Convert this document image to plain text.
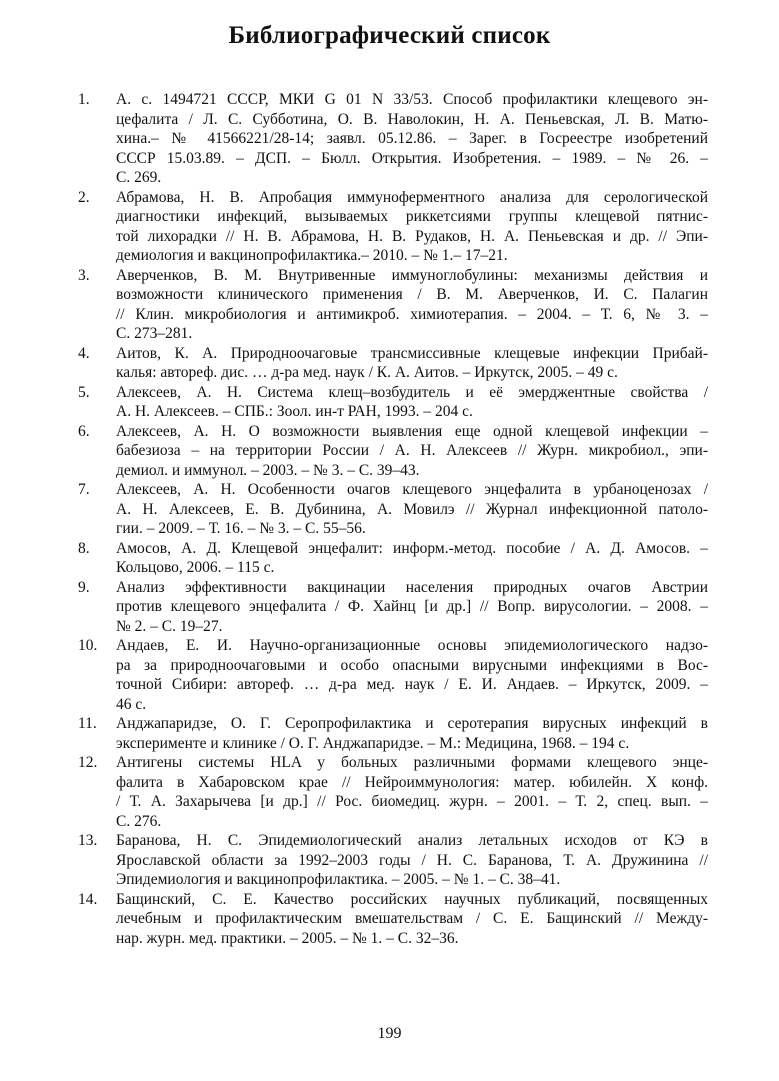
Библиографический список
1.	А. с. 1494721 СССР, МКИ G 01 N 33/53. Способ профилактики клещевого эн-
цефалита / Л. С. Субботина, О. В. Наволокин, Н. А. Пеньевская, Л. В. Матю-
хина.– № 41566221/28-14; заявл. 05.12.86. – Зарег. в Госреестре изобретений
СССР 15.03.89. – ДСП. – Бюлл. Открытия. Изобретения. – 1989. – № 26. –
С. 269.
2.	Абрамова, Н. В. Апробация иммуноферментного анализа для серологической
диагностики инфекций, вызываемых риккетсиями группы клещевой пятнис-
той лихорадки // Н. В. Абрамова, Н. В. Рудаков, Н. А. Пеньевская и др. // Эпи-
демиология и вакцинопрофилактика.– 2010. – № 1.– 17–21.
3.	Аверченков, В. М. Внутривенные иммуноглобулины: механизмы действия и
возможности клинического применения / В. М. Аверченков, И. С. Палагин
// Клин. микробиология и антимикроб. химиотерапия. – 2004. – Т. 6, № 3. –
С. 273–281.
4.	Аитов, К. А. Природноочаговые трансмиссивные клещевые инфекции Прибай-
калья: автореф. дис. … д-ра мед. наук / К. А. Аитов. – Иркутск, 2005. – 49 с.
5.	Алексеев, А. Н. Система клещ–возбудитель и её эмерджентные свойства /
А. Н. Алексеев. – СПБ.: Зоол. ин-т РАН, 1993. – 204 с.
6.	Алексеев, А. Н. О возможности выявления еще одной клещевой инфекции –
бабезиоза – на территории России / А. Н. Алексеев // Журн. микробиол., эпи-
демиол. и иммунол. – 2003. – № 3. – С. 39–43.
7.	Алексеев, А. Н. Особенности очагов клещевого энцефалита в урбаноценозах /
А. Н. Алексеев, Е. В. Дубинина, А. Мовилэ // Журнал инфекционной патоло-
гии. – 2009. – Т. 16. – № 3. – С. 55–56.
8.	Амосов, А. Д. Клещевой энцефалит: информ.-метод. пособие / А. Д. Амосов. –
Кольцово, 2006. – 115 с.
9.	Анализ эффективности вакцинации населения природных очагов Австрии
против клещевого энцефалита / Ф. Хайнц [и др.] // Вопр. вирусологии. – 2008. –
№ 2. – С. 19–27.
10.	Андаев, Е. И. Научно-организационные основы эпидемиологического надзо-
ра за природноочаговыми и особо опасными вирусными инфекциями в Вос-
точной Сибири: автореф. … д-ра мед. наук / Е. И. Андаев. – Иркутск, 2009. –
46 с.
11.	Анджапаридзе, О. Г. Серопрофилактика и серотерапия вирусных инфекций в
эксперименте и клинике / О. Г. Анджапаридзе. – М.: Медицина, 1968. – 194 с.
12.	Антигены системы HLA у больных различными формами клещевого энце-
фалита в Хабаровском крае // Нейроиммунология: матер. юбилейн. X конф.
/ Т. А. Захарычева [и др.] // Рос. биомедиц. журн. – 2001. – Т. 2, спец. вып. –
С. 276.
13.	Баранова, Н. С. Эпидемиологический анализ летальных исходов от КЭ в
Ярославской области за 1992–2003 годы / Н. С. Баранова, Т. А. Дружинина //
Эпидемиология и вакцинопрофилактика. – 2005. – № 1. – С. 38–41.
14.	Бащинский, С. Е. Качество российских научных публикаций, посвященных
лечебным и профилактическим вмешательствам / С. Е. Бащинский // Между-
нар. журн. мед. практики. – 2005. – № 1. – С. 32–36.
199
